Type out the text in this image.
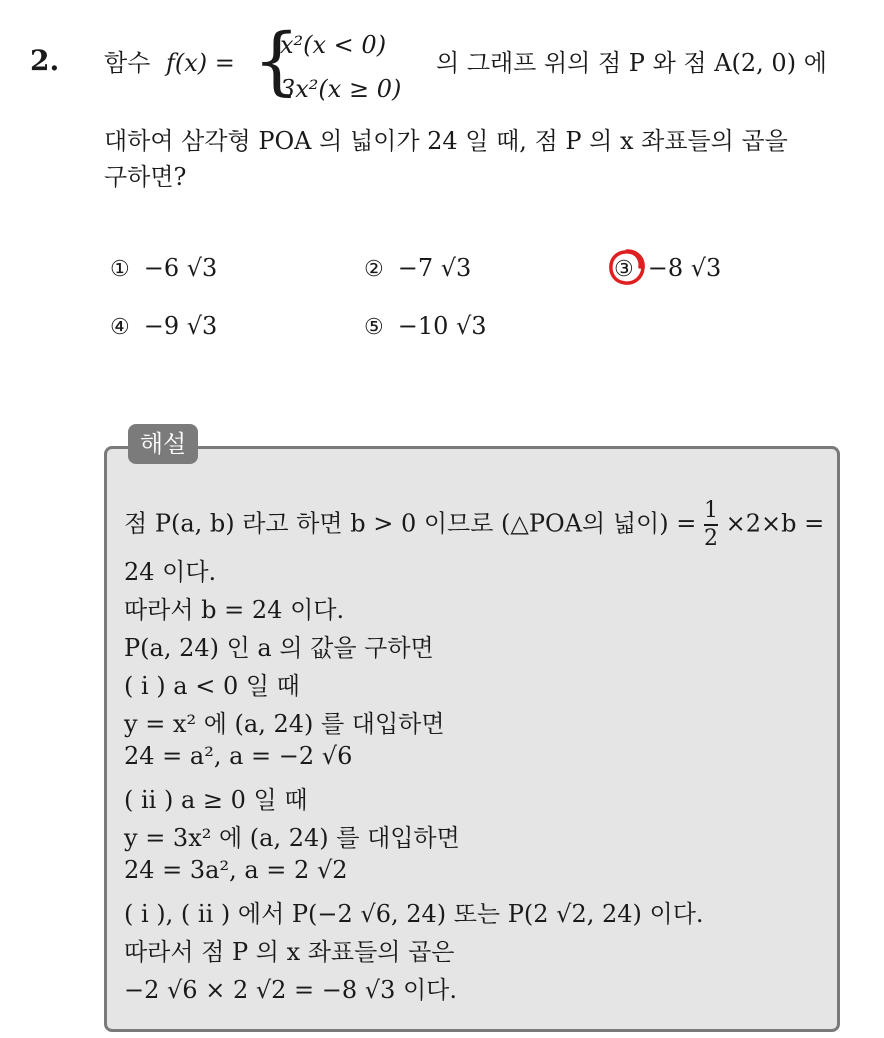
2. 함수 f(x) = {
x²(x < 0)
3x²(x ≥ 0)
의 그래프 위의 점 P 와 점 A(2, 0) 에
대하여 삼각형 POA 의 넓이가 24 일 때, 점 P 의 x 좌표들의 곱을
구하면?
① −6 √3	② −7 √3	③ −8 √3
④ −9 √3	⑤ −10 √3
해설
점 P(a, b) 라고 하면 b > 0 이므로 (△POA의 넓이) = $\frac{1}{2} \times 2\times b$ =
24 이다.
따라서 b = 24 이다.
P(a, 24) 인 a 의 값을 구하면
( i ) a < 0 일 때
y = x² 에 (a, 24) 를 대입하면
24 = a², a = −2 √6
( ii ) a ≥ 0 일 때
y = 3x² 에 (a, 24) 를 대입하면
24 = 3a², a = 2 √2
( i ), ( ii ) 에서 P(−2 √6, 24) 또는 P(2 √2, 24) 이다.
따라서 점 P 의 x 좌표들의 곱은
−2 √6 × 2 √2 = −8 √3 이다.
